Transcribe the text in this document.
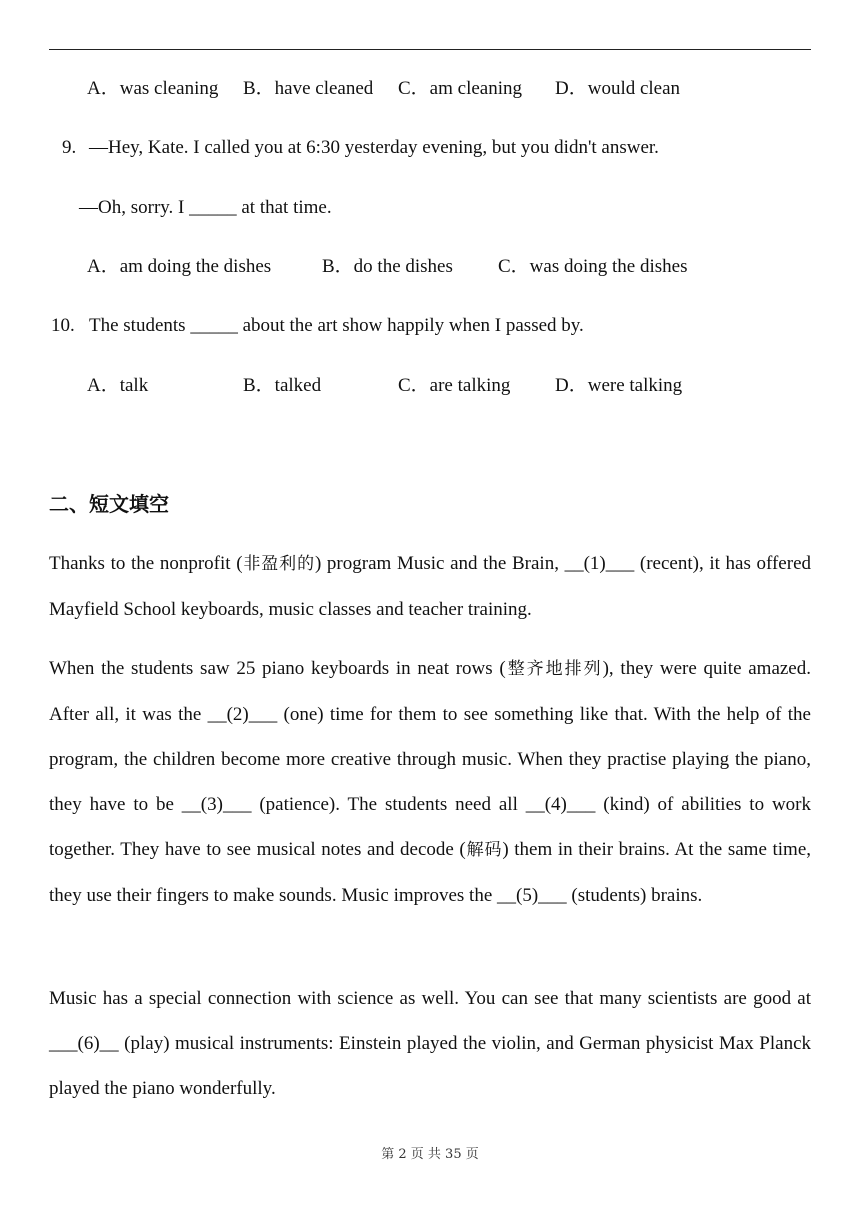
A．was cleaning B．have cleaned C．am cleaning D．would clean
9. —Hey, Kate. I called you at 6:30 yesterday evening, but you didn't answer.
—Oh, sorry. I _____ at that time.
A．am doing the dishes	B．do the dishes C．was doing the dishes
10. The students _____ about the art show happily when I passed by.
A．talk	B．talked	C．are talking D．were talking
二、短文填空
Thanks to the nonprofit (非盈利的) program Music and the Brain, __(1)___ (recent), it has offered Mayfield School keyboards, music classes and teacher training.
When the students saw 25 piano keyboards in neat rows (整齐地排列), they were quite amazed. After all, it was the __(2)___ (one) time for them to see something like that. With the help of the program, the children become more creative through music. When they practise playing the piano, they have to be __(3)___ (patience). The students need all __(4)___ (kind) of abilities to work together. They have to see musical notes and decode (解码) them in their brains. At the same time, they use their fingers to make sounds. Music improves the __(5)___ (students) brains.
Music has a special connection with science as well. You can see that many scientists are good at ___(6)__ (play) musical instruments: Einstein played the violin, and German physicist Max Planck played the piano wonderfully.
第 2 页 共 35 页
